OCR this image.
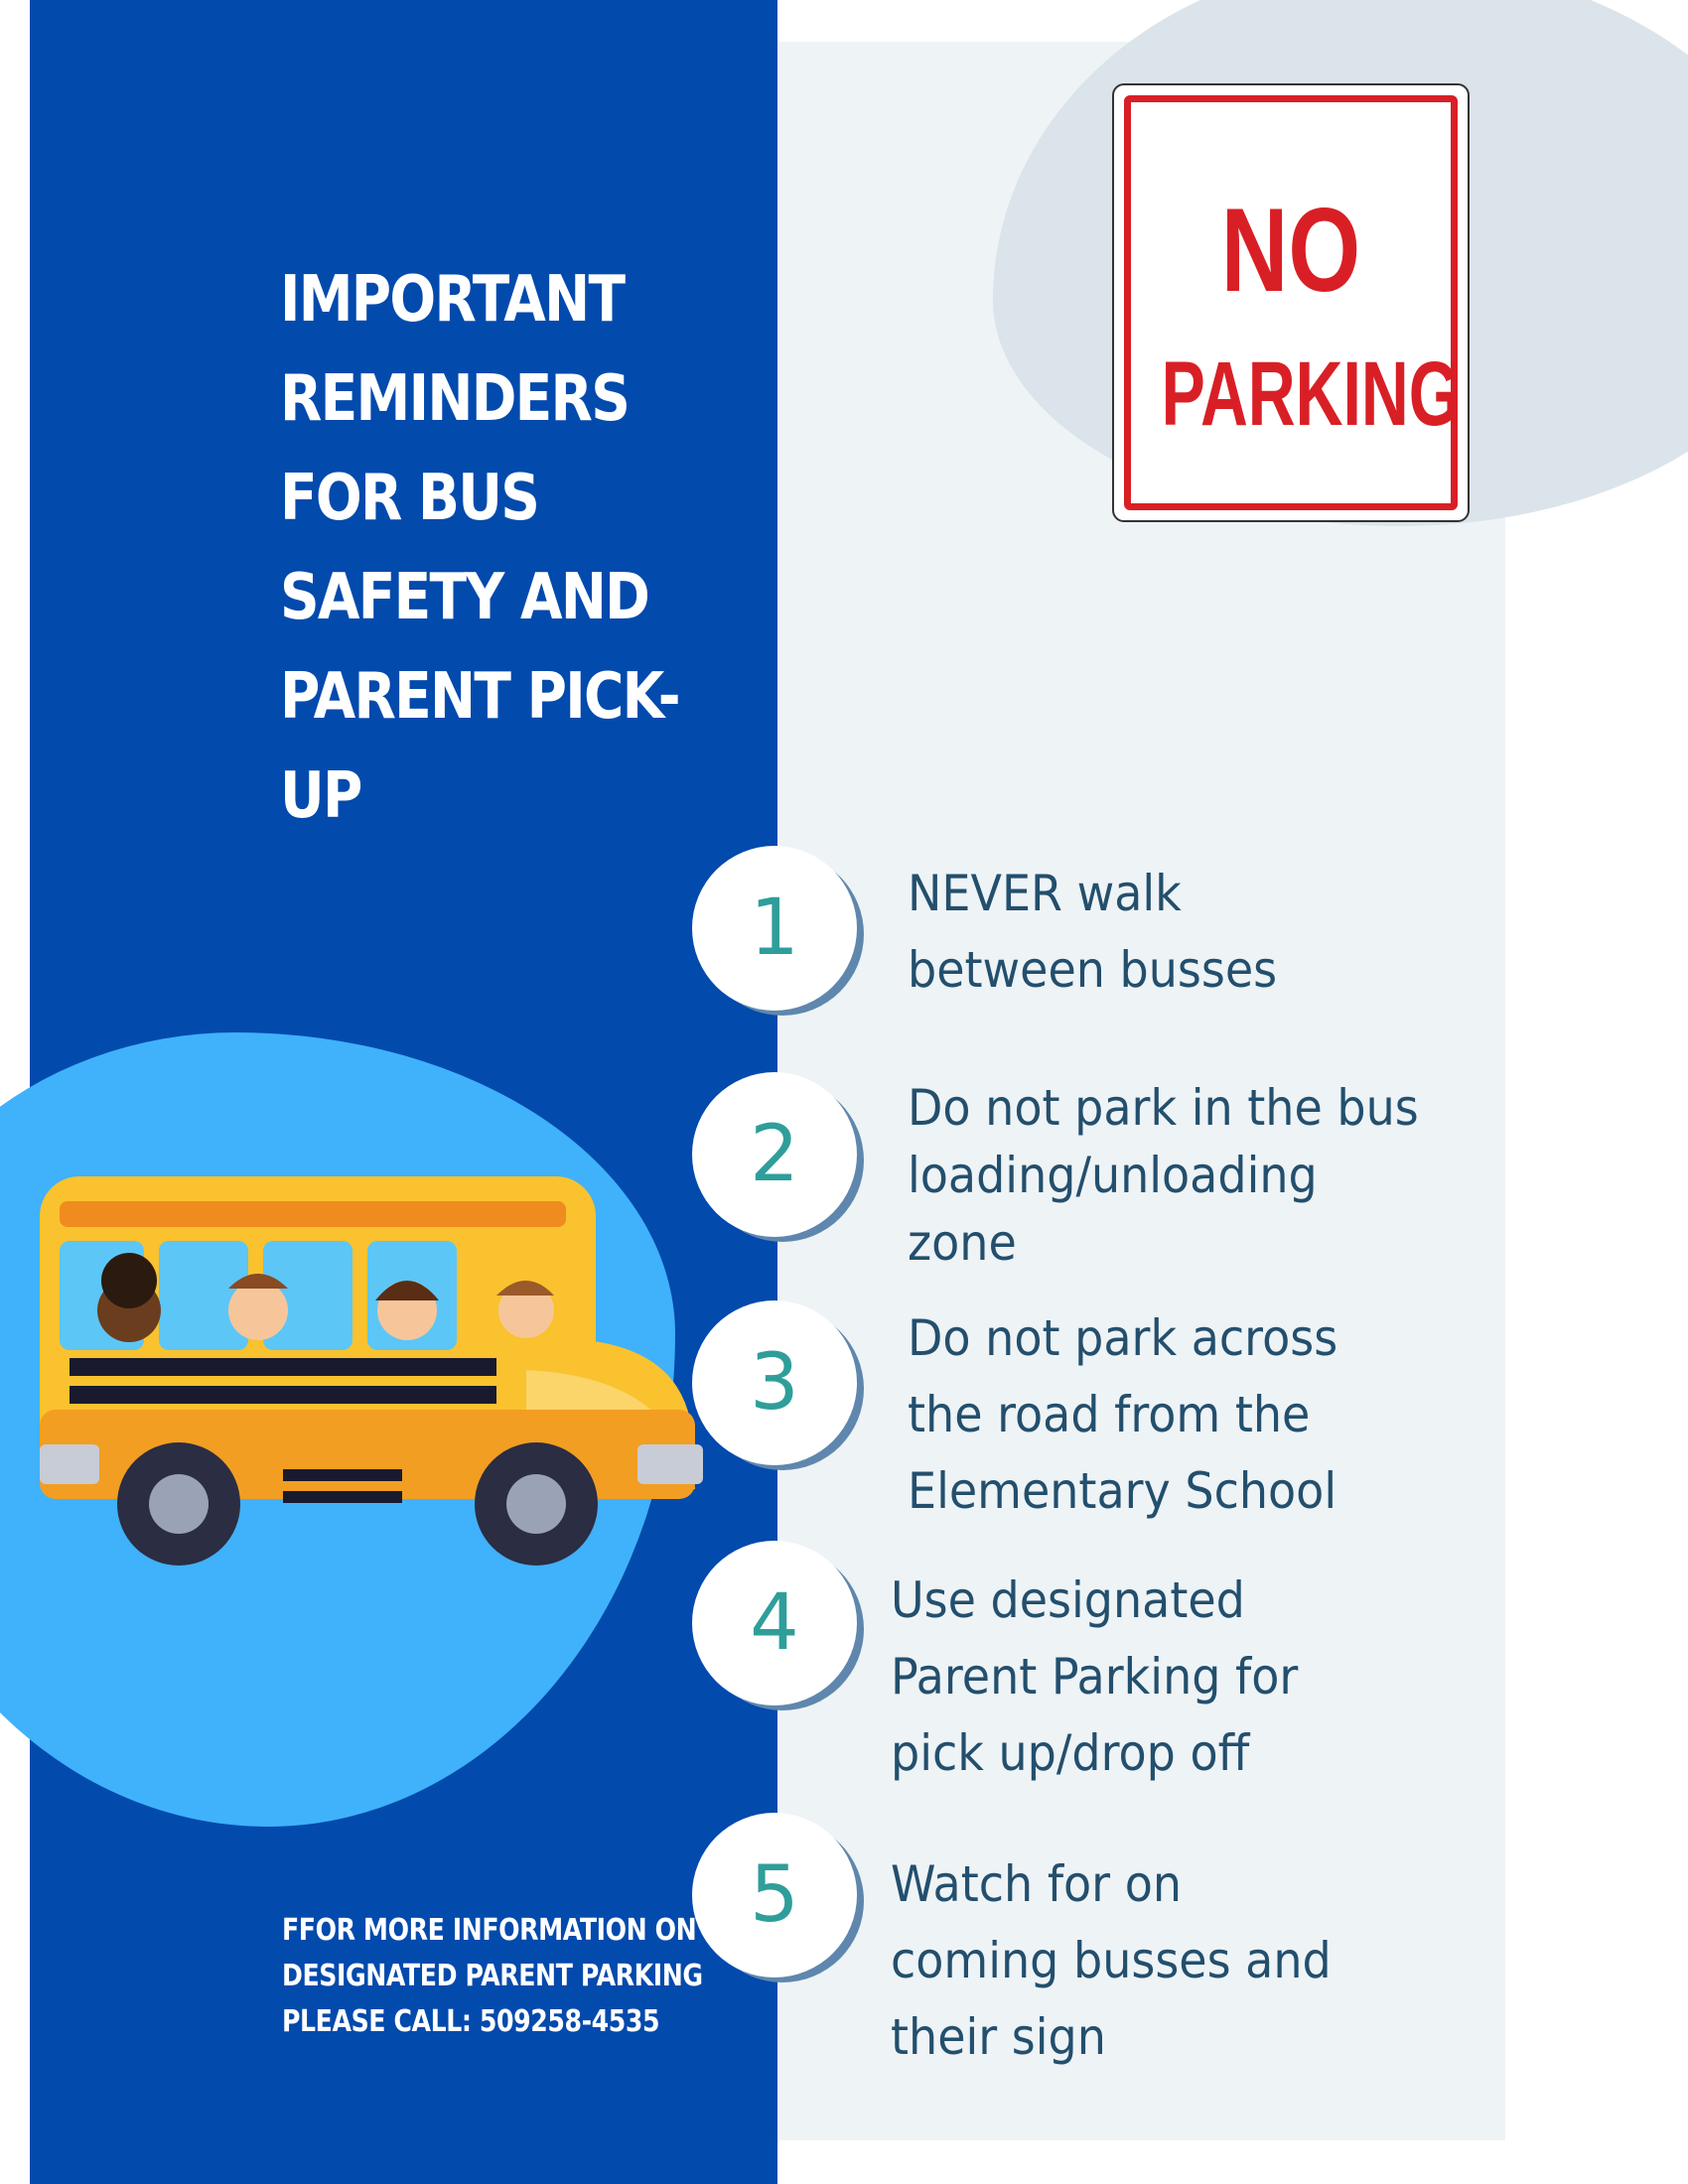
IMPORTANT
REMINDERS
FOR BUS
SAFETY AND
PARENT PICK-
UP
NO
PARKING
1	NEVER walk
between busses

2

Do not park in the bus
loading/unloading
zone

3	Do not park across
the road from the
Elementary School

4	Use designated
Parent Parking for
pick up/drop off

5	Watch for on
coming busses and
their sign

FFOR MORE INFORMATION ON
DESIGNATED PARENT PARKING
PLEASE CALL: 509258-4535
